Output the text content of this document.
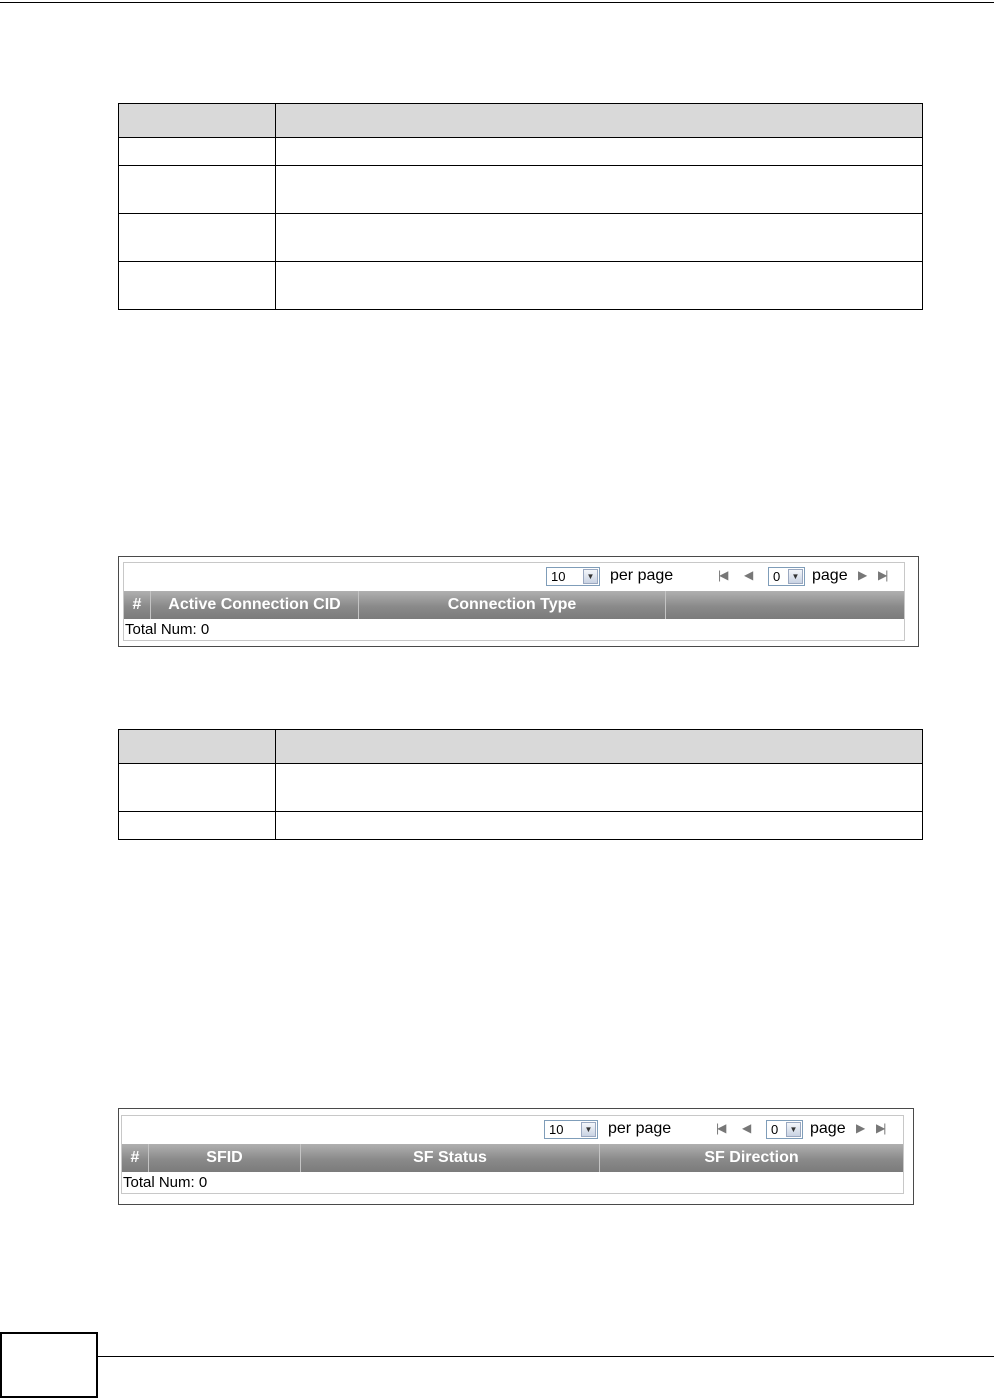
10	▼ per page	|◀ ◀ 0	▼ page ▶ ▶|
#	Active Connection CID	Connection Type
Total Num: 0

10	▼ per page	|◀ ◀ 0	▼ page ▶ ▶|
#	SFID	SF Status	SF Direction
Total Num: 0
